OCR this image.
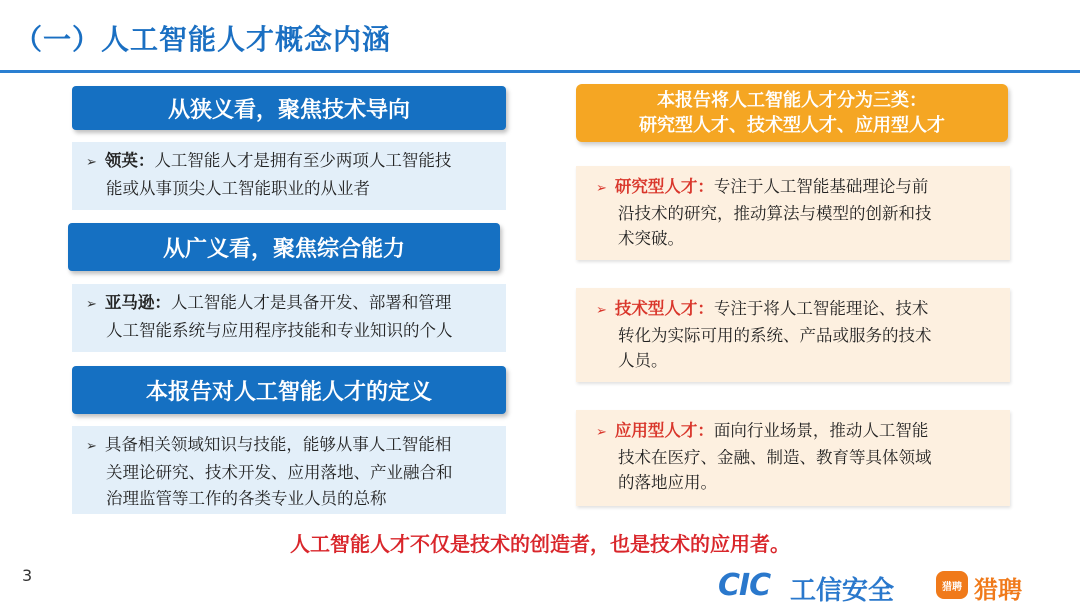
（一）人工智能人才概念内涵
从狭义看，聚焦技术导向
➢ 领英：人工智能人才是拥有至少两项人工智能技
能或从事顶尖人工智能职业的从业者
从广义看，聚焦综合能力
➢ 亚马逊：人工智能人才是具备开发、部署和管理
人工智能系统与应用程序技能和专业知识的个人
本报告对人工智能人才的定义
➢ 具备相关领域知识与技能，能够从事人工智能相
关理论研究、技术开发、应用落地、产业融合和
治理监管等工作的各类专业人员的总称
本报告将人工智能人才分为三类：
研究型人才、技术型人才、应用型人才
➢ 研究型人才：专注于人工智能基础理论与前
沿技术的研究，推动算法与模型的创新和技
术突破。
➢ 技术型人才：专注于将人工智能理论、技术
转化为实际可用的系统、产品或服务的技术
人员。
➢ 应用型人才：面向行业场景，推动人工智能
技术在医疗、金融、制造、教育等具体领域
的落地应用。
人工智能人才不仅是技术的创造者，也是技术的应用者。
3	CIC 工信安全	猎聘 猎聘
